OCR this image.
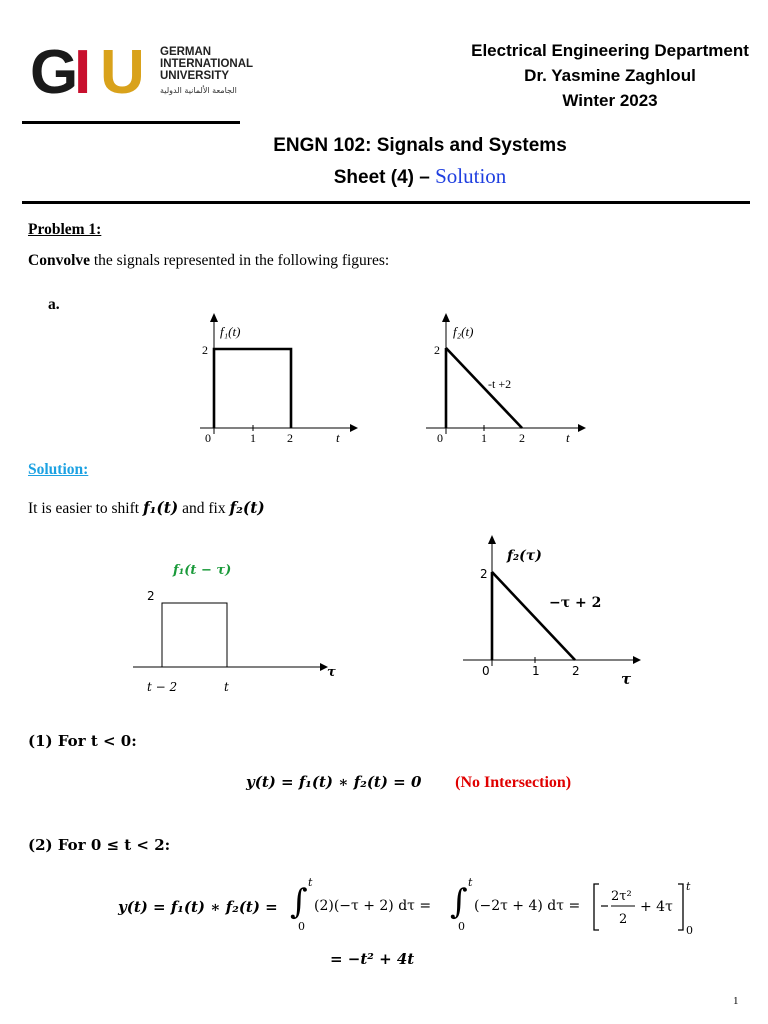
G
I U GERMAN
INTERNATIONAL
UNIVERSITY
الجامعة الألمانية الدولية
Electrical Engineering Department
Dr. Yasmine Zaghloul
Winter 2023
ENGN 102: Signals and Systems
Sheet (4) – Solution
Problem 1:
Convolve the signals represented in the following figures:
a.
f₁(t)
2
0	1	2	t
f₂(t)
-t +2
2
0	1	2	t
Solution:
It is easier to shift f₁(t) and fix f₂(t)
f₁(t − τ)
2
t − 2	t
τ
f₂(τ)
−τ + 2
2
0	1	2	τ
(1) For t < 0:
y(t) = f₁(t) ∗ f₂(t) = 0 (No Intersection)
(2) For 0 ≤ t < 2:
y(t) = f₁(t) ∗ f₂(t) = ∫ t
0
(2)(−τ + 2) dτ = ∫ t
0
(−2τ + 4) dτ =
2τ²
2
+ 4τ
t
0
= −t² + 4t
1
